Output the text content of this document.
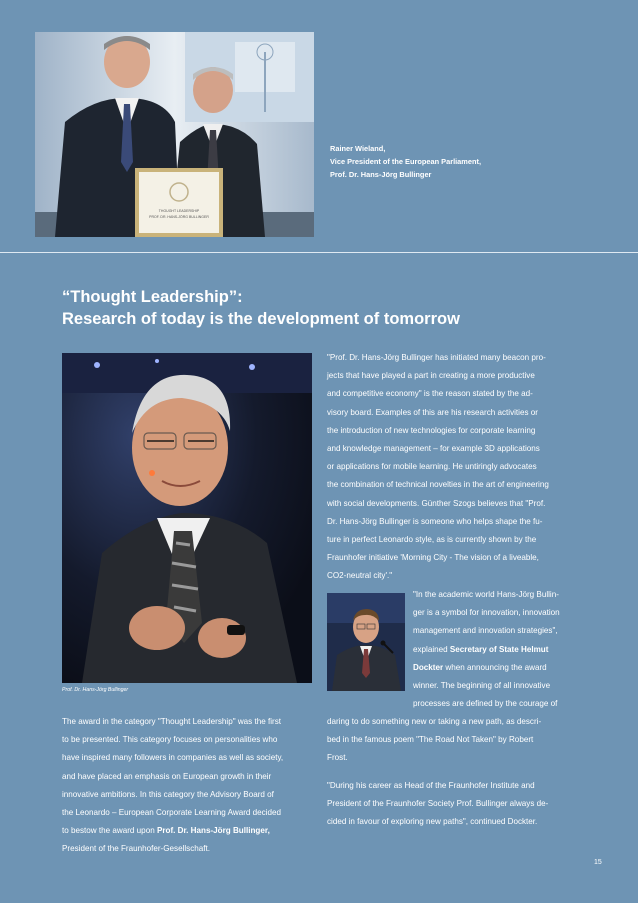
THOUGHT LEADERSHIP
PROF. DR. HANS-JÖRG BULLINGER
Rainer Wieland,
Vice President of the European Parliament,
Prof. Dr. Hans-Jörg Bullinger
“Thought Leadership”:
Research of today is the development of tomorrow
Prof. Dr. Hans-Jörg Bullinger
"Prof. Dr. Hans-Jörg Bullinger has initiated many beacon pro-
jects that have played a part in creating a more productive
and competitive economy" is the reason stated by the ad-
visory board. Examples of this are his research activities or
the introduction of new technologies for corporate learning
and knowledge management – for example 3D applications
or applications for mobile learning. He untiringly advocates
the combination of technical novelties in the art of engineering
with social developments. Günther Szogs believes that "Prof.
Dr. Hans-Jörg Bullinger is someone who helps shape the fu-
ture in perfect Leonardo style, as is currently shown by the
Fraunhofer initiative 'Morning City - The vision of a liveable,
CO2-neutral city'."
"In the academic world Hans-Jörg Bullin-
ger is a symbol for innovation, innovation
management and innovation strategies",
explained Secretary of State Helmut
Dockter when announcing the award
winner. The beginning of all innovative
processes are defined by the courage of
daring to do something new or taking a new path, as descri-
bed in the famous poem "The Road Not Taken" by Robert
Frost.
"During his career as Head of the Fraunhofer Institute and
President of the Fraunhofer Society Prof. Bullinger always de-
cided in favour of exploring new paths", continued Dockter.
The award in the category "Thought Leadership" was the first
to be presented. This category focuses on personalities who
have inspired many followers in companies as well as society,
and have placed an emphasis on European growth in their
innovative ambitions. In this category the Advisory Board of
the Leonardo – European Corporate Learning Award decided
to bestow the award upon Prof. Dr. Hans-Jörg Bullinger,
President of the Fraunhofer-Gesellschaft.
15
